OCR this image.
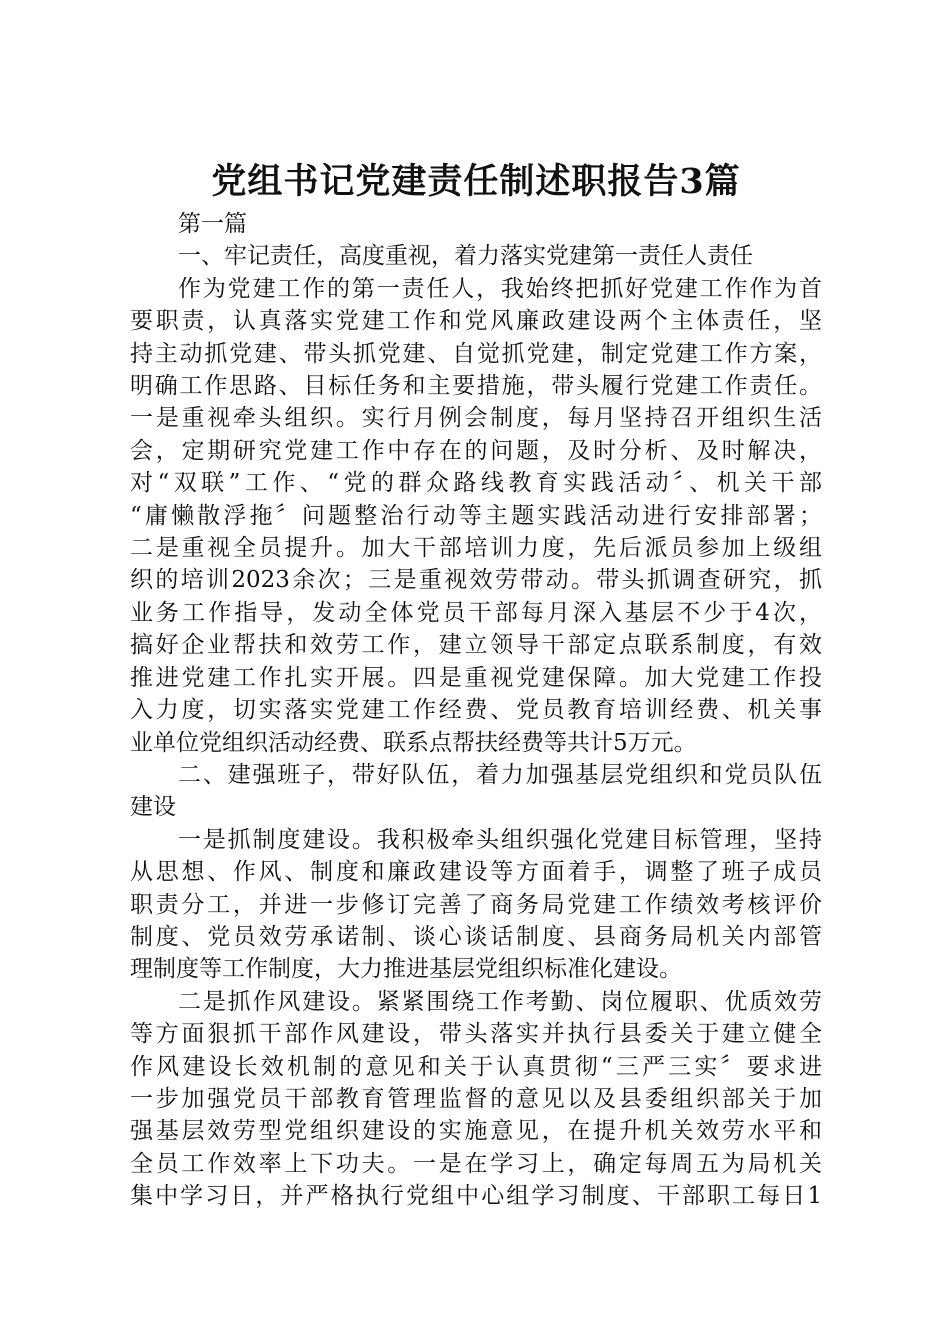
党组书记党建责任制述职报告3篇
第一篇
一、牢记责任，高度重视，着力落实党建第一责任人责任
作为党建工作的第一责任人，我始终把抓好党建工作作为首
要职责，认真落实党建工作和党风廉政建设两个主体责任，坚
持主动抓党建、带头抓党建、自觉抓党建，制定党建工作方案，
明确工作思路、目标任务和主要措施，带头履行党建工作责任。
一是重视牵头组织。实行月例会制度，每月坚持召开组织生活
会，定期研究党建工作中存在的问题，及时分析、及时解决，
对“双联”工作、“党的群众路线教育实践活动〞、机关干部
“庸懒散浮拖〞问题整治行动等主题实践活动进行安排部署；
二是重视全员提升。加大干部培训力度，先后派员参加上级组
织的培训2023余次；三是重视效劳带动。带头抓调查研究，抓
业务工作指导，发动全体党员干部每月深入基层不少于4次，
搞好企业帮扶和效劳工作，建立领导干部定点联系制度，有效
推进党建工作扎实开展。四是重视党建保障。加大党建工作投
入力度，切实落实党建工作经费、党员教育培训经费、机关事
业单位党组织活动经费、联系点帮扶经费等共计5万元。
二、建强班子，带好队伍，着力加强基层党组织和党员队伍
建设
一是抓制度建设。我积极牵头组织强化党建目标管理，坚持
从思想、作风、制度和廉政建设等方面着手，调整了班子成员
职责分工，并进一步修订完善了商务局党建工作绩效考核评价
制度、党员效劳承诺制、谈心谈话制度、县商务局机关内部管
理制度等工作制度，大力推进基层党组织标准化建设。
二是抓作风建设。紧紧围绕工作考勤、岗位履职、优质效劳
等方面狠抓干部作风建设，带头落实并执行县委关于建立健全
作风建设长效机制的意见和关于认真贯彻“三严三实〞要求进
一步加强党员干部教育管理监督的意见以及县委组织部关于加
强基层效劳型党组织建设的实施意见，在提升机关效劳水平和
全员工作效率上下功夫。一是在学习上，确定每周五为局机关
集中学习日，并严格执行党组中心组学习制度、干部职工每日1
